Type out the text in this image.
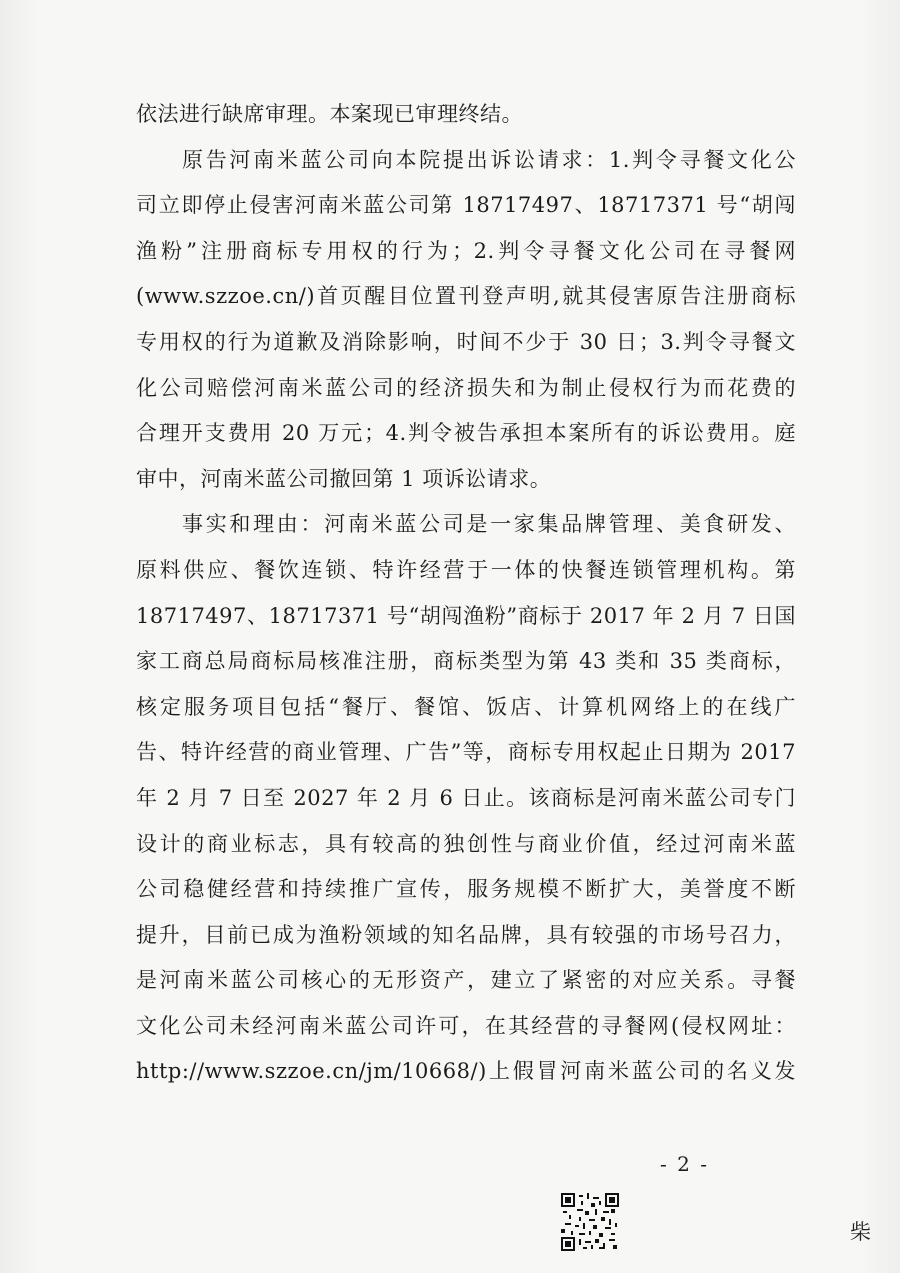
依法进行缺席审理。本案现已审理终结。
原告河南米蓝公司向本院提出诉讼请求：1.判令寻餐文化公
司立即停止侵害河南米蓝公司第 18717497、18717371 号“胡闯
渔粉”注册商标专用权的行为；2.判令寻餐文化公司在寻餐网
(www.szzoe.cn/)首页醒目位置刊登声明,就其侵害原告注册商标
专用权的行为道歉及消除影响，时间不少于 30 日；3.判令寻餐文
化公司赔偿河南米蓝公司的经济损失和为制止侵权行为而花费的
合理开支费用 20 万元；4.判令被告承担本案所有的诉讼费用。庭
审中，河南米蓝公司撤回第 1 项诉讼请求。
事实和理由：河南米蓝公司是一家集品牌管理、美食研发、
原料供应、餐饮连锁、特许经营于一体的快餐连锁管理机构。第
18717497、18717371 号“胡闯渔粉”商标于 2017 年 2 月 7 日国
家工商总局商标局核准注册，商标类型为第 43 类和 35 类商标，
核定服务项目包括“餐厅、餐馆、饭店、计算机网络上的在线广
告、特许经营的商业管理、广告”等，商标专用权起止日期为 2017
年 2 月 7 日至 2027 年 2 月 6 日止。该商标是河南米蓝公司专门
设计的商业标志，具有较高的独创性与商业价值，经过河南米蓝
公司稳健经营和持续推广宣传，服务规模不断扩大，美誉度不断
提升，目前已成为渔粉领域的知名品牌，具有较强的市场号召力，
是河南米蓝公司核心的无形资产，建立了紧密的对应关系。寻餐
文化公司未经河南米蓝公司许可，在其经营的寻餐网(侵权网址：
http://www.szzoe.cn/jm/10668/)上假冒河南米蓝公司的名义发
- 2 -
柴
